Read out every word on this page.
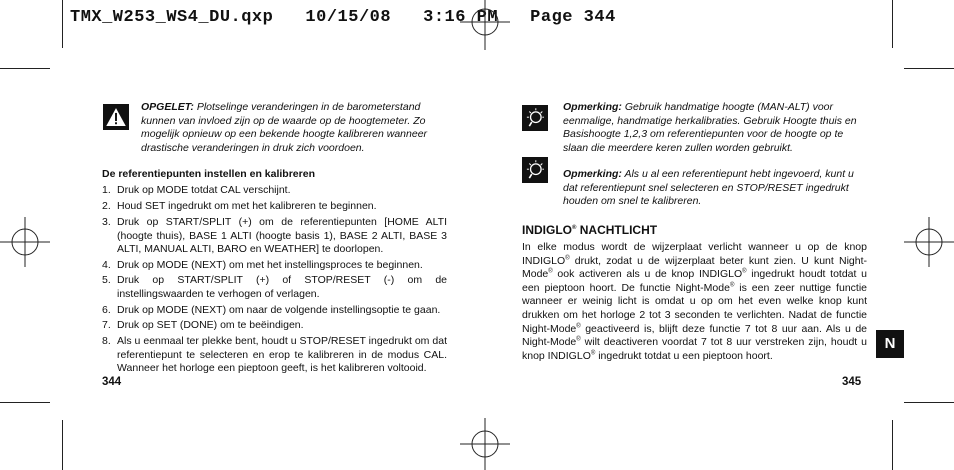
TMX_W253_WS4_DU.qxp   10/15/08   3:16 PM   Page 344
OPGELET: Plotselinge veranderingen in de barometerstand
kunnen van invloed zijn op de waarde op de hoogtemeter. Zo
mogelijk opnieuw op een bekende hoogte kalibreren wanneer
drastische veranderingen in druk zich voordoen.
De referentiepunten instellen en kalibreren
1. Druk op MODE totdat CAL verschijnt.
2. Houd SET ingedrukt om met het kalibreren te beginnen.
3. Druk op START/SPLIT (+) om de referentiepunten [HOME ALTI (hoogte thuis), BASE 1 ALTI (hoogte basis 1), BASE 2 ALTI, BASE 3 ALTI, MANUAL ALTI, BARO en WEATHER] te doorlopen.
4. Druk op MODE (NEXT) om met het instellingsproces te beginnen.
5. Druk op START/SPLIT (+) of STOP/RESET (-) om de instellingswaarden te verhogen of verlagen.
6. Druk op MODE (NEXT) om naar de volgende instellingsoptie te gaan.
7. Druk op SET (DONE) om te beëindigen.
8. Als u eenmaal ter plekke bent, houdt u STOP/RESET ingedrukt om dat referentiepunt te selecteren en erop te kalibreren in de modus CAL. Wanneer het horloge een pieptoon geeft, is het kalibreren voltooid.
344
Opmerking: Gebruik handmatige hoogte (MAN-ALT) voor
eenmalige, handmatige herkalibraties. Gebruik Hoogte thuis en
Basishoogte 1,2,3 om referentiepunten voor de hoogte op te
slaan die meerdere keren zullen worden gebruikt.
Opmerking: Als u al een referentiepunt hebt ingevoerd, kunt u
dat referentiepunt snel selecteren en STOP/RESET ingedrukt
houden om snel te kalibreren.
INDIGLO® NACHTLICHT
In elke modus wordt de wijzerplaat verlicht wanneer u op de knop INDIGLO® drukt, zodat u de wijzerplaat beter kunt zien. U kunt Night-Mode® ook activeren als u de knop INDIGLO® ingedrukt houdt totdat u een pieptoon hoort. De functie Night-Mode® is een zeer nuttige functie wanneer er weinig licht is omdat u op om het even welke knop kunt drukken om het horloge 2 tot 3 seconden te verlichten. Nadat de functie Night-Mode® geactiveerd is, blijft deze functie 7 tot 8 uur aan. Als u de Night-Mode® wilt deactiveren voordat 7 tot 8 uur verstreken zijn, houdt u knop INDIGLO® ingedrukt totdat u een pieptoon hoort.
N
345
